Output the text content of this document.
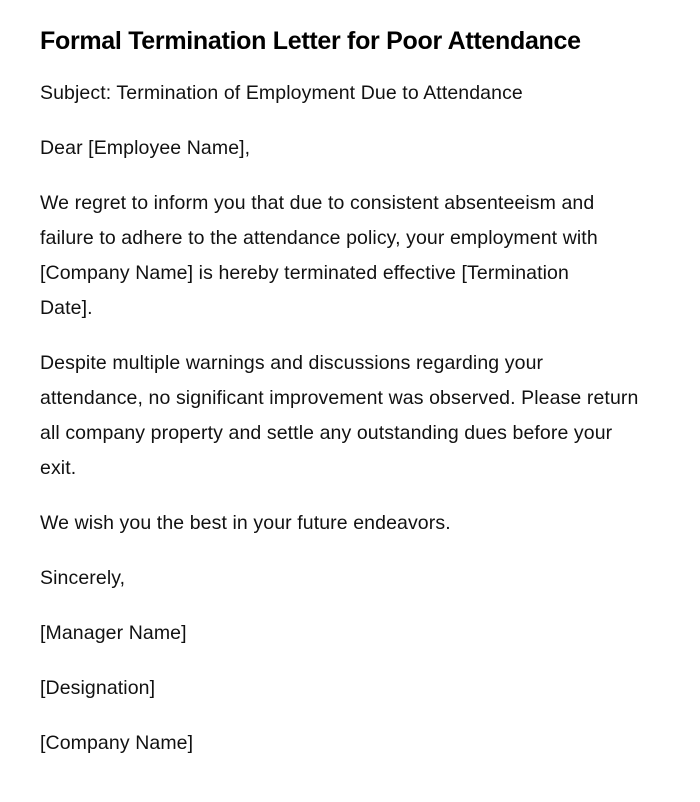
Formal Termination Letter for Poor Attendance

Subject: Termination of Employment Due to Attendance

Dear [Employee Name],

We regret to inform you that due to consistent absenteeism and failure to adhere to the attendance policy, your employment with [Company Name] is hereby terminated effective [Termination Date].

Despite multiple warnings and discussions regarding your attendance, no significant improvement was observed. Please return all company property and settle any outstanding dues before your exit.

We wish you the best in your future endeavors.

Sincerely,

[Manager Name]

[Designation]

[Company Name]
